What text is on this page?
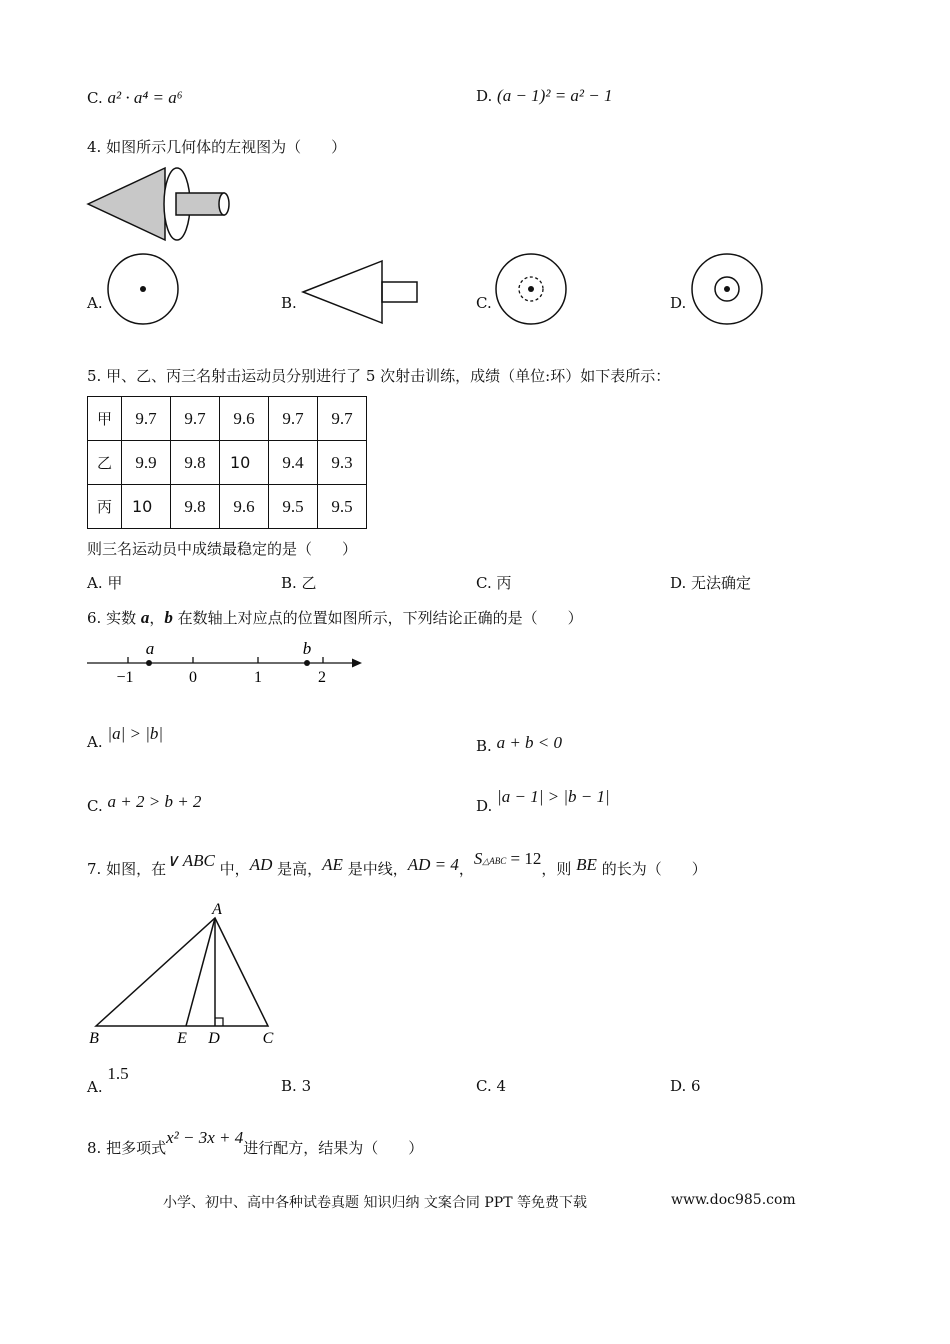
C. a² · a⁴ = a⁶	D. (a − 1)² = a² − 1
4. 如图所示几何体的左视图为（　　）
A.	B.	C.	D.
5. 甲、乙、丙三名射击运动员分别进行了 5 次射击训练，成绩（单位:环）如下表所示：
甲	9.7	9.7	9.6	9.7	9.7
乙	9.9	9.8	10	9.4	9.3
丙	10	9.8	9.6	9.5	9.5
则三名运动员中成绩最稳定的是（　　）
A. 甲	B. 乙	C. 丙	D. 无法确定
6. 实数 a，b 在数轴上对应点的位置如图所示，下列结论正确的是（　　）
−1	0	1	2
a	b
A. |a| > |b|
B. a + b < 0
C. a + 2 > b + 2	D. |a − 1| > |b − 1|
7. 如图，在∨ ABC 中，AD 是高，AE 是中线，AD = 4，S△ABC = 12，则 BE 的长为（　　）
A
B	E D	C
A. 1.5
B. 3	C. 4	D. 6
8. 把多项式x² − 3x + 4进行配方，结果为（　　）
小学、初中、高中各种试卷真题 知识归纳 文案合同 PPT 等免费下载	www.doc985.com
